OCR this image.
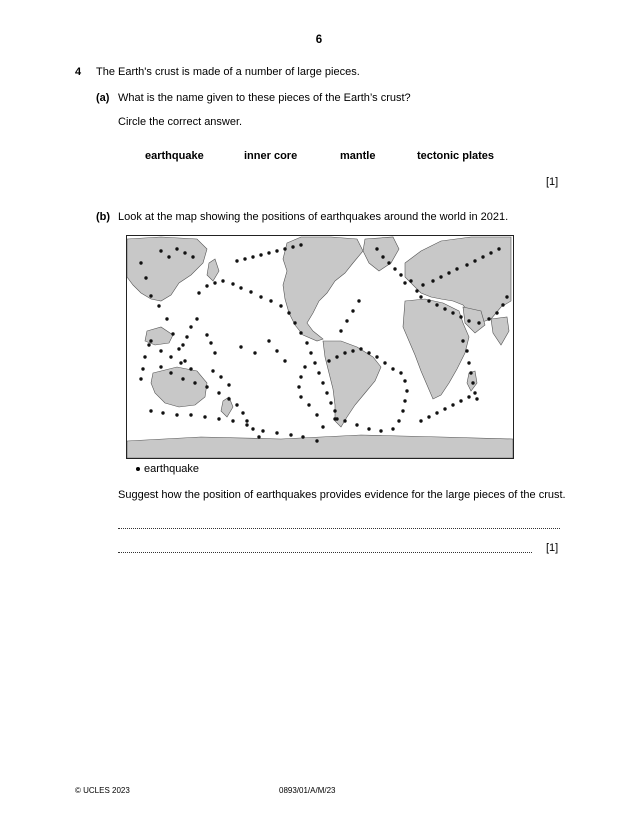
6
4 The Earth's crust is made of a number of large pieces.
(a) What is the name given to these pieces of the Earth’s crust?
Circle the correct answer.
earthquake	inner core	mantle	tectonic plates
[1]
(b) Look at the map showing the positions of earthquakes around the world in 2021.
earthquake
Suggest how the position of earthquakes provides evidence for the large pieces of the crust.
[1]
© UCLES 2023	0893/01/A/M/23
